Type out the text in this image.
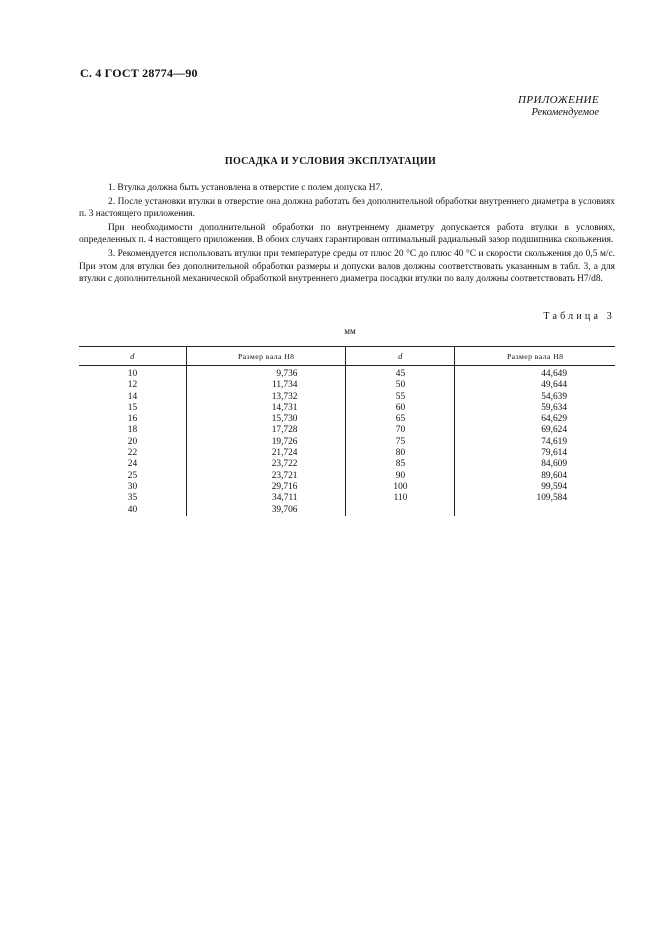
С. 4 ГОСТ 28774—90
ПРИЛОЖЕНИЕ
Рекомендуемое
ПОСАДКА И УСЛОВИЯ ЭКСПЛУАТАЦИИ

1. Втулка должна быть установлена в отверстие с полем допуска Н7.

2. После установки втулки в отверстие она должна работать без дополнительной обработки внутреннего диаметра в условиях п. 3 настоящего приложения.

При необходимости дополнительной обработки по внутреннему диаметру допускается работа втулки в условиях, определенных п. 4 настоящего приложения. В обоих случаях гарантирован оптимальный радиальный зазор подшипника скольжения.

3. Рекомендуется использовать втулки при температуре среды от плюс 20 °С до плюс 40 °С и скорости скольжения до 0,5 м/с. При этом для втулки без дополнительной обработки размеры и допуски валов должны соответствовать указанным в табл. 3, а для втулки с дополнительной механической обработкой внутреннего диаметра посадки втулки по валу должны соответствовать Н7/d8.

Таблица 3
мм
d	Размер вала Н8	d	Размер вала Н8
10	9,736	45	44,649
12	11,734	50	49,644
14	13,732	55	54,639
15	14,731	60	59,634
16	15,730	65	64,629
18	17,728	70	69,624
20	19,726	75	74,619
22	21,724	80	79,614
24	23,722	85	84,609
25	23,721	90	89,604
30	29,716	100	99,594
35	34,711	110	109,584
40	39,706		
